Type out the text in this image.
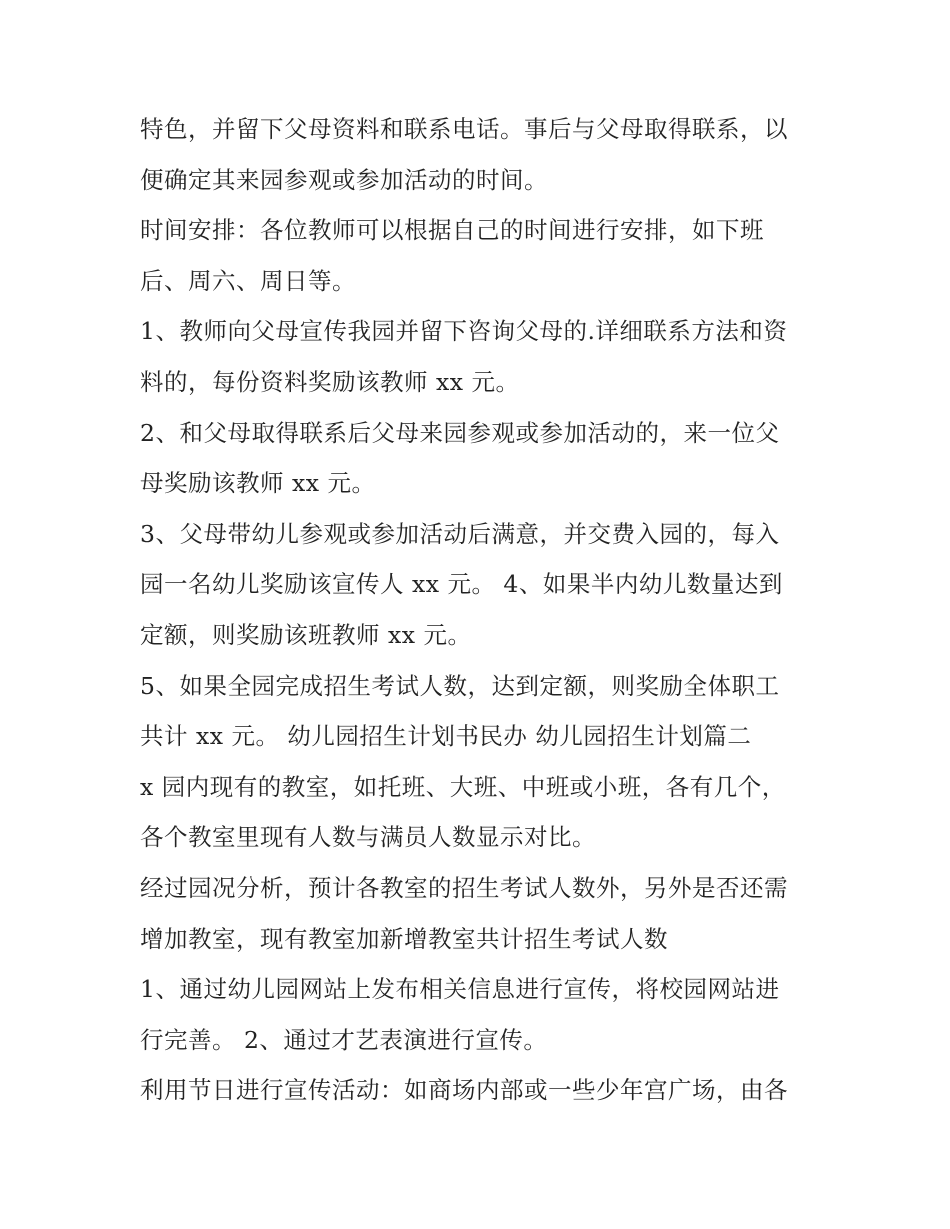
特色，并留下父母资料和联系电话。事后与父母取得联系，以
便确定其来园参观或参加活动的时间。
时间安排：各位教师可以根据自己的时间进行安排，如下班
后、周六、周日等。
1、教师向父母宣传我园并留下咨询父母的.详细联系方法和资
料的，每份资料奖励该教师 xx 元。
2、和父母取得联系后父母来园参观或参加活动的，来一位父
母奖励该教师 xx 元。
3、父母带幼儿参观或参加活动后满意，并交费入园的，每入
园一名幼儿奖励该宣传人 xx 元。 4、如果半内幼儿数量达到
定额，则奖励该班教师 xx 元。
5、如果全园完成招生考试人数，达到定额，则奖励全体职工
共计 xx 元。 幼儿园招生计划书民办 幼儿园招生计划篇二
x 园内现有的教室，如托班、大班、中班或小班，各有几个，
各个教室里现有人数与满员人数显示对比。
经过园况分析，预计各教室的招生考试人数外，另外是否还需
增加教室，现有教室加新增教室共计招生考试人数
1、通过幼儿园网站上发布相关信息进行宣传，将校园网站进
行完善。 2、通过才艺表演进行宣传。
利用节日进行宣传活动：如商场内部或一些少年宫广场，由各
